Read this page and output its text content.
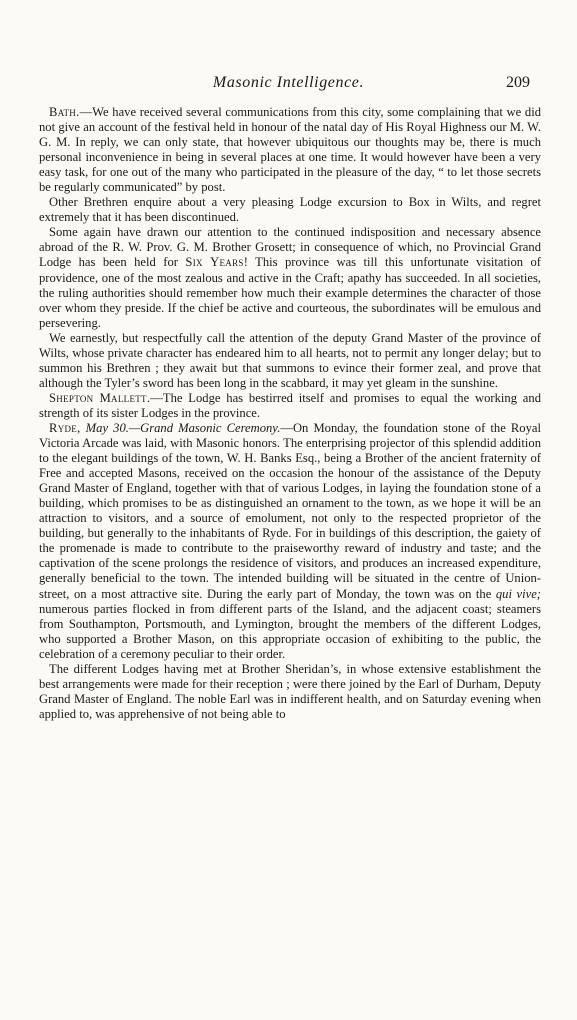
Masonic Intelligence.	209

Bath.—We have received several communications from this city, some complaining that we did not give an account of the festival held in honour of the natal day of His Royal Highness our M. W. G. M. In reply, we can only state, that however ubiquitous our thoughts may be, there is much personal inconvenience in being in several places at one time. It would however have been a very easy task, for one out of the many who participated in the pleasure of the day, “ to let those secrets be regularly communicated” by post.

Other Brethren enquire about a very pleasing Lodge excursion to Box in Wilts, and regret extremely that it has been discontinued.

Some again have drawn our attention to the continued indisposition and necessary absence abroad of the R. W. Prov. G. M. Brother Grosett; in consequence of which, no Provincial Grand Lodge has been held for Six Years! This province was till this unfortunate visitation of providence, one of the most zealous and active in the Craft; apathy has succeeded. In all societies, the ruling authorities should remember how much their example determines the character of those over whom they preside. If the chief be active and courteous, the subordinates will be emulous and persevering.

We earnestly, but respectfully call the attention of the deputy Grand Master of the province of Wilts, whose private character has endeared him to all hearts, not to permit any longer delay; but to summon his Brethren ; they await but that summons to evince their former zeal, and prove that although the Tyler’s sword has been long in the scabbard, it may yet gleam in the sunshine.

Shepton Mallett.—The Lodge has bestirred itself and promises to equal the working and strength of its sister Lodges in the province.

Ryde, May 30.—Grand Masonic Ceremony.—On Monday, the foundation stone of the Royal Victoria Arcade was laid, with Masonic honors. The enterprising projector of this splendid addition to the elegant buildings of the town, W. H. Banks Esq., being a Brother of the ancient fraternity of Free and accepted Masons, received on the occasion the honour of the assistance of the Deputy Grand Master of England, together with that of various Lodges, in laying the foundation stone of a building, which promises to be as distinguished an ornament to the town, as we hope it will be an attraction to visitors, and a source of emolument, not only to the respected proprietor of the building, but generally to the inhabitants of Ryde. For in buildings of this description, the gaiety of the promenade is made to contribute to the praiseworthy reward of industry and taste; and the captivation of the scene prolongs the residence of visitors, and produces an increased expenditure, generally beneficial to the town. The intended building will be situated in the centre of Union-street, on a most attractive site. During the early part of Monday, the town was on the qui vive; numerous parties flocked in from different parts of the Island, and the adjacent coast; steamers from Southampton, Portsmouth, and Lymington, brought the members of the different Lodges, who supported a Brother Mason, on this appropriate occasion of exhibiting to the public, the celebration of a ceremony peculiar to their order.

The different Lodges having met at Brother Sheridan’s, in whose extensive establishment the best arrangements were made for their reception ; were there joined by the Earl of Durham, Deputy Grand Master of England. The noble Earl was in indifferent health, and on Saturday evening when applied to, was apprehensive of not being able to
